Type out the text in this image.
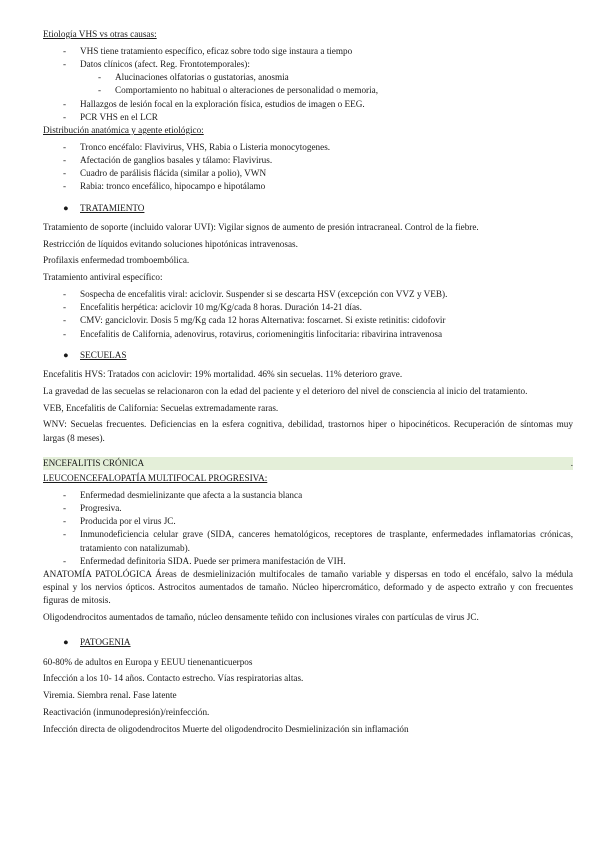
Etiología VHS vs otras causas:
- VHS tiene tratamiento específico, eficaz sobre todo sige instaura a tiempo
- Datos clínicos (afect. Reg. Frontotemporales):
- Alucinaciones olfatorias o gustatorias, anosmia
- Comportamiento no habitual o alteraciones de personalidad o memoria,
- Hallazgos de lesión focal en la exploración física, estudios de imagen o EEG.
- PCR VHS en el LCR
Distribución anatómica y agente etiológico:
- Tronco encéfalo: Flavivirus, VHS, Rabia o Listeria monocytogenes.
- Afectación de ganglios basales y tálamo: Flavivirus.
- Cuadro de parálisis flácida (similar a polio), VWN
- Rabia: tronco encefálico, hipocampo e hipotálamo
● TRATAMIENTO
Tratamiento de soporte (incluido valorar UVI): Vigilar signos de aumento de presión intracraneal. Control de la fiebre.
Restricción de líquidos evitando soluciones hipotónicas intravenosas.
Profilaxis enfermedad tromboembólica.
Tratamiento antiviral específico:
- Sospecha de encefalitis viral: aciclovir. Suspender si se descarta HSV (excepción con VVZ y VEB).
- Encefalitis herpética: aciclovir 10 mg/Kg/cada 8 horas. Duración 14-21 días.
- CMV: ganciclovir. Dosis 5 mg/Kg cada 12 horas Alternativa: foscarnet. Si existe retinitis: cidofovir
- Encefalitis de California, adenovirus, rotavirus, coriomeningitis linfocitaria: ribavirina intravenosa
● SECUELAS
Encefalitis HVS: Tratados con aciclovir: 19% mortalidad. 46% sin secuelas. 11% deterioro grave.
La gravedad de las secuelas se relacionaron con la edad del paciente y el deterioro del nivel de consciencia al inicio del tratamiento.
VEB, Encefalitis de California: Secuelas extremadamente raras.
WNV: Secuelas frecuentes. Deficiencias en la esfera cognitiva, debilidad, trastornos hiper o hipocinéticos. Recuperación de síntomas muy largas (8 meses).
ENCEFALITIS CRÓNICA	.
LEUCOENCEFALOPATÍA MULTIFOCAL PROGRESIVA:
- Enfermedad desmielinizante que afecta a la sustancia blanca
- Progresiva.
- Producida por el virus JC.
- Inmunodeficiencia celular grave (SIDA, canceres hematológicos, receptores de trasplante, enfermedades inflamatorias crónicas, tratamiento con natalizumab).
- Enfermedad definitoria SIDA. Puede ser primera manifestación de VIH.
ANATOMÍA PATOLÓGICA Áreas de desmielinización multifocales de tamaño variable y dispersas en todo el encéfalo, salvo la médula espinal y los nervios ópticos. Astrocitos aumentados de tamaño. Núcleo hipercromático, deformado y de aspecto extraño y con frecuentes figuras de mitosis.
Oligodendrocitos aumentados de tamaño, núcleo densamente teñido con inclusiones virales con partículas de virus JC.
● PATOGENIA
60-80% de adultos en Europa y EEUU tienenanticuerpos
Infección a los 10- 14 años. Contacto estrecho. Vías respiratorias altas.
Viremia. Siembra renal. Fase latente
Reactivación (inmunodepresión)/reinfección.
Infección directa de oligodendrocitos Muerte del oligodendrocito Desmielinización sin inflamación
